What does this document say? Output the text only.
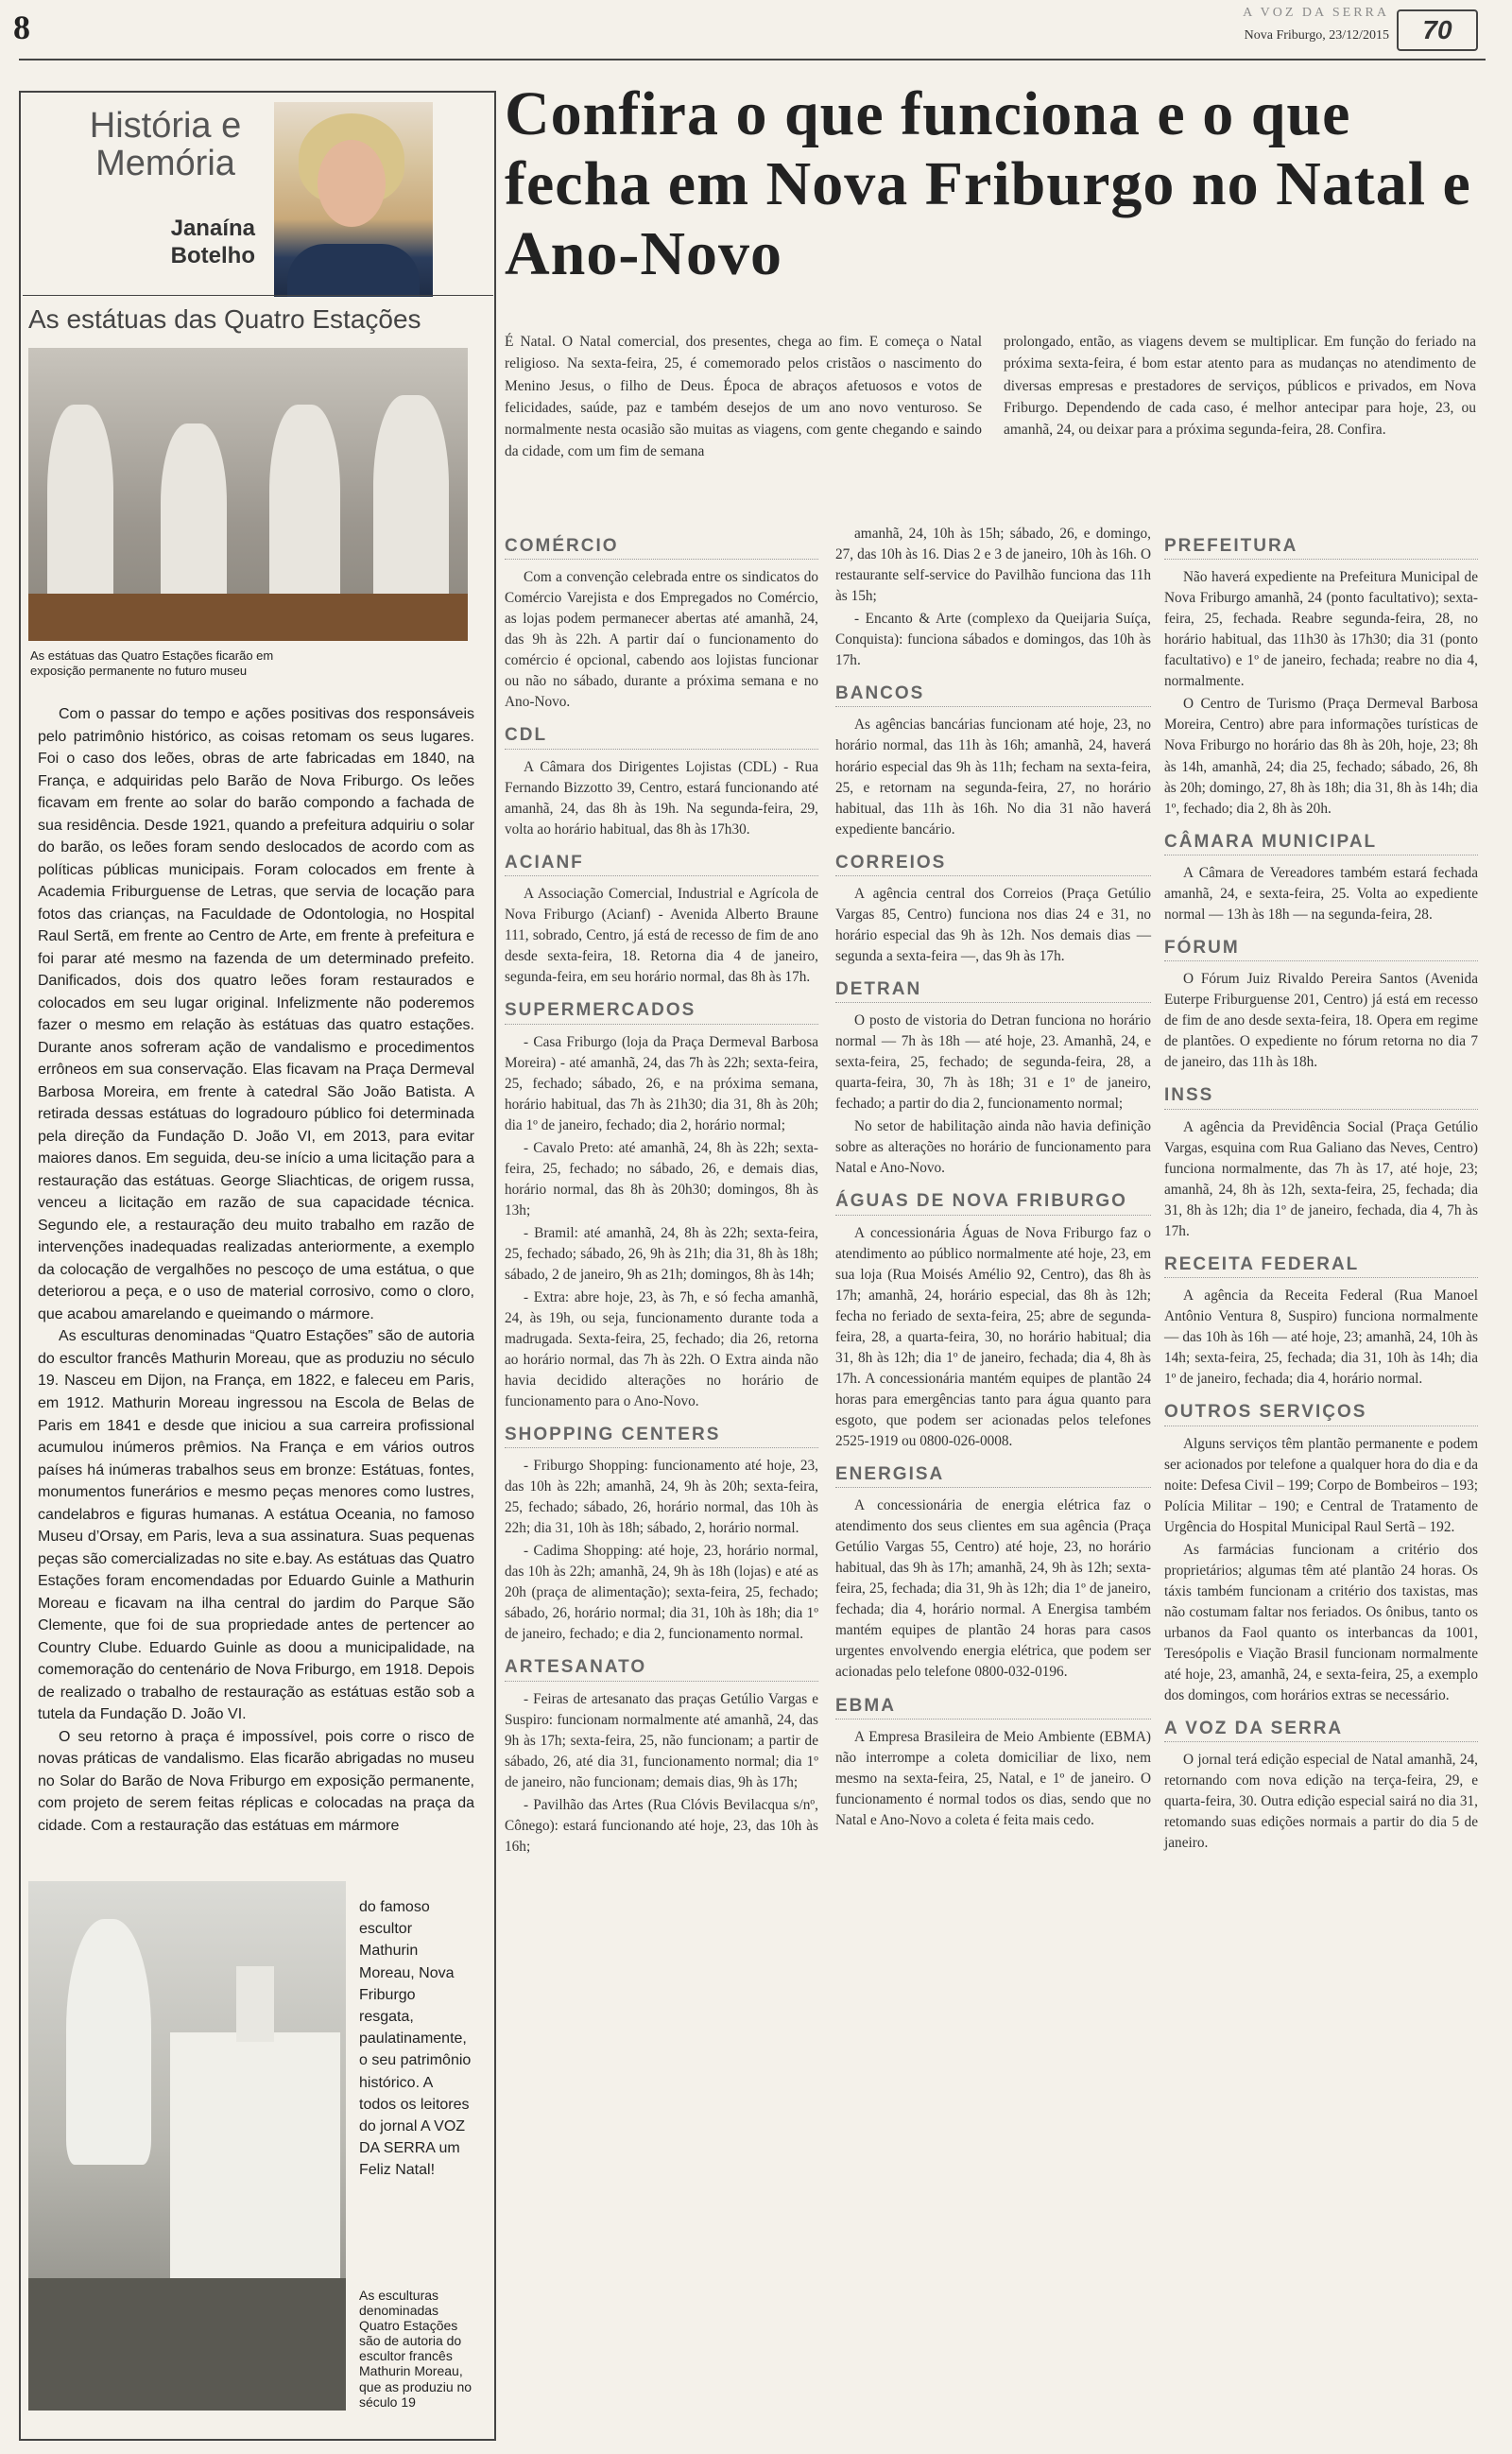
8	A VOZ DA SERRA
Nova Friburgo, 23/12/2015	70
História e Memória
Janaína
Botelho
As estátuas das Quatro Estações
As estátuas das Quatro Estações ficarão em exposição permanente no futuro museu

Com o passar do tempo e ações positivas dos responsáveis pelo patrimônio histórico, as coisas retomam os seus lugares. Foi o caso dos leões, obras de arte fabricadas em 1840, na França, e adquiridas pelo Barão de Nova Friburgo. Os leões ficavam em frente ao solar do barão compondo a fachada de sua residência. Desde 1921, quando a prefeitura adquiriu o solar do barão, os leões foram sendo deslocados de acordo com as políticas públicas municipais. Foram colocados em frente à Academia Friburguense de Letras, que servia de locação para fotos das crianças, na Faculdade de Odontologia, no Hospital Raul Sertã, em frente ao Centro de Arte, em frente à prefeitura e foi parar até mesmo na fazenda de um determinado prefeito. Danificados, dois dos quatro leões foram restaurados e colocados em seu lugar original. Infelizmente não poderemos fazer o mesmo em relação às estátuas das quatro estações. Durante anos sofreram ação de vandalismo e procedimentos errôneos em sua conservação. Elas ficavam na Praça Dermeval Barbosa Moreira, em frente à catedral São João Batista. A retirada dessas estátuas do logradouro público foi determinada pela direção da Fundação D. João VI, em 2013, para evitar maiores danos. Em seguida, deu-se início a uma licitação para a restauração das estátuas. George Sliachticas, de origem russa, venceu a licitação em razão de sua capacidade técnica. Segundo ele, a restauração deu muito trabalho em razão de intervenções inadequadas realizadas anteriormente, a exemplo da colocação de vergalhões no pescoço de uma estátua, o que deteriorou a peça, e o uso de material corrosivo, como o cloro, que acabou amarelando e queimando o mármore.

As esculturas denominadas “Quatro Estações” são de autoria do escultor francês Mathurin Moreau, que as produziu no século 19. Nasceu em Dijon, na França, em 1822, e faleceu em Paris, em 1912. Mathurin Moreau ingressou na Escola de Belas de Paris em 1841 e desde que iniciou a sua carreira profissional acumulou inúmeros prêmios. Na França e em vários outros países há inúmeras trabalhos seus em bronze: Estátuas, fontes, monumentos funerários e mesmo peças menores como lustres, candelabros e figuras humanas. A estátua Oceania, no famoso Museu d’Orsay, em Paris, leva a sua assinatura. Suas pequenas peças são comercializadas no site e.bay. As estátuas das Quatro Estações foram encomendadas por Eduardo Guinle a Mathurin Moreau e ficavam na ilha central do jardim do Parque São Clemente, que foi de sua propriedade antes de pertencer ao Country Clube. Eduardo Guinle as doou a municipalidade, na comemoração do centenário de Nova Friburgo, em 1918. Depois de realizado o trabalho de restauração as estátuas estão sob a tutela da Fundação D. João VI.

O seu retorno à praça é impossível, pois corre o risco de novas práticas de vandalismo. Elas ficarão abrigadas no museu no Solar do Barão de Nova Friburgo em exposição permanente, com projeto de serem feitas réplicas e colocadas na praça da cidade. Com a restauração das estátuas em mármore

do famoso escultor Mathurin Moreau, Nova Friburgo resgata, paulatinamente, o seu patrimônio histórico. A todos os leitores do jornal A VOZ DA SERRA um Feliz Natal!
As esculturas denominadas Quatro Estações são de autoria do escultor francês Mathurin Moreau, que as produziu no século 19
Confira o que funciona e o que fecha em Nova Friburgo no Natal e Ano-Novo
É Natal. O Natal comercial, dos presentes, chega ao fim. E começa o Natal religioso. Na sexta-feira, 25, é comemorado pelos cristãos o nascimento do Menino Jesus, o filho de Deus. Época de abraços afetuosos e votos de felicidades, saúde, paz e também desejos de um ano novo venturoso. Se normalmente nesta ocasião são muitas as viagens, com gente chegando e saindo da cidade, com um fim de semana
prolongado, então, as viagens devem se multiplicar. Em função do feriado na próxima sexta-feira, é bom estar atento para as mudanças no atendimento de diversas empresas e prestadores de serviços, públicos e privados, em Nova Friburgo. Dependendo de cada caso, é melhor antecipar para hoje, 23, ou amanhã, 24, ou deixar para a próxima segunda-feira, 28. Confira.
COMÉRCIO

Com a convenção celebrada entre os sindicatos do Comércio Varejista e dos Empregados no Comércio, as lojas podem permanecer abertas até amanhã, 24, das 9h às 22h. A partir daí o funcionamento do comércio é opcional, cabendo aos lojistas funcionar ou não no sábado, durante a próxima semana e no Ano-Novo.

CDL

A Câmara dos Dirigentes Lojistas (CDL) - Rua Fernando Bizzotto 39, Centro, estará funcionando até amanhã, 24, das 8h às 19h. Na segunda-feira, 29, volta ao horário habitual, das 8h às 17h30.

ACIANF

A Associação Comercial, Industrial e Agrícola de Nova Friburgo (Acianf) - Avenida Alberto Braune 111, sobrado, Centro, já está de recesso de fim de ano desde sexta-feira, 18. Retorna dia 4 de janeiro, segunda-feira, em seu horário normal, das 8h às 17h.

SUPERMERCADOS

- Casa Friburgo (loja da Praça Dermeval Barbosa Moreira) - até amanhã, 24, das 7h às 22h; sexta-feira, 25, fechado; sábado, 26, e na próxima semana, horário habitual, das 7h às 21h30; dia 31, 8h às 20h; dia 1º de janeiro, fechado; dia 2, horário normal;

- Cavalo Preto: até amanhã, 24, 8h às 22h; sexta-feira, 25, fechado; no sábado, 26, e demais dias, horário normal, das 8h às 20h30; domingos, 8h às 13h;

- Bramil: até amanhã, 24, 8h às 22h; sexta-feira, 25, fechado; sábado, 26, 9h às 21h; dia 31, 8h às 18h; sábado, 2 de janeiro, 9h as 21h; domingos, 8h às 14h;

- Extra: abre hoje, 23, às 7h, e só fecha amanhã, 24, às 19h, ou seja, funcionamento durante toda a madrugada. Sexta-feira, 25, fechado; dia 26, retorna ao horário normal, das 7h às 22h. O Extra ainda não havia decidido alterações no horário de funcionamento para o Ano-Novo.

SHOPPING CENTERS

- Friburgo Shopping: funcionamento até hoje, 23, das 10h às 22h; amanhã, 24, 9h às 20h; sexta-feira, 25, fechado; sábado, 26, horário normal, das 10h às 22h; dia 31, 10h às 18h; sábado, 2, horário normal.

- Cadima Shopping: até hoje, 23, horário normal, das 10h às 22h; amanhã, 24, 9h às 18h (lojas) e até as 20h (praça de alimentação); sexta-feira, 25, fechado; sábado, 26, horário normal; dia 31, 10h às 18h; dia 1º de janeiro, fechado; e dia 2, funcionamento normal.

ARTESANATO

- Feiras de artesanato das praças Getúlio Vargas e Suspiro: funcionam normalmente até amanhã, 24, das 9h às 17h; sexta-feira, 25, não funcionam; a partir de sábado, 26, até dia 31, funcionamento normal; dia 1º de janeiro, não funcionam; demais dias, 9h às 17h;

- Pavilhão das Artes (Rua Clóvis Bevilacqua s/nº, Cônego): estará funcionando até hoje, 23, das 10h às 16h;

amanhã, 24, 10h às 15h; sábado, 26, e domingo, 27, das 10h às 16. Dias 2 e 3 de janeiro, 10h às 16h. O restaurante self-service do Pavilhão funciona das 11h às 15h;

- Encanto & Arte (complexo da Queijaria Suíça, Conquista): funciona sábados e domingos, das 10h às 17h.

BANCOS

As agências bancárias funcionam até hoje, 23, no horário normal, das 11h às 16h; amanhã, 24, haverá horário especial das 9h às 11h; fecham na sexta-feira, 25, e retornam na segunda-feira, 27, no horário habitual, das 11h às 16h. No dia 31 não haverá expediente bancário.

CORREIOS

A agência central dos Correios (Praça Getúlio Vargas 85, Centro) funciona nos dias 24 e 31, no horário especial das 9h às 12h. Nos demais dias — segunda a sexta-feira —, das 9h às 17h.

DETRAN

O posto de vistoria do Detran funciona no horário normal — 7h às 18h — até hoje, 23. Amanhã, 24, e sexta-feira, 25, fechado; de segunda-feira, 28, a quarta-feira, 30, 7h às 18h; 31 e 1º de janeiro, fechado; a partir do dia 2, funcionamento normal;

No setor de habilitação ainda não havia definição sobre as alterações no horário de funcionamento para Natal e Ano-Novo.

ÁGUAS DE NOVA FRIBURGO

A concessionária Águas de Nova Friburgo faz o atendimento ao público normalmente até hoje, 23, em sua loja (Rua Moisés Amélio 92, Centro), das 8h às 17h; amanhã, 24, horário especial, das 8h às 12h; fecha no feriado de sexta-feira, 25; abre de segunda-feira, 28, a quarta-feira, 30, no horário habitual; dia 31, 8h às 12h; dia 1º de janeiro, fechada; dia 4, 8h às 17h. A concessionária mantém equipes de plantão 24 horas para emergências tanto para água quanto para esgoto, que podem ser acionadas pelos telefones 2525-1919 ou 0800-026-0008.

ENERGISA

A concessionária de energia elétrica faz o atendimento dos seus clientes em sua agência (Praça Getúlio Vargas 55, Centro) até hoje, 23, no horário habitual, das 9h às 17h; amanhã, 24, 9h às 12h; sexta-feira, 25, fechada; dia 31, 9h às 12h; dia 1º de janeiro, fechada; dia 4, horário normal. A Energisa também mantém equipes de plantão 24 horas para casos urgentes envolvendo energia elétrica, que podem ser acionadas pelo telefone 0800-032-0196.

EBMA

A Empresa Brasileira de Meio Ambiente (EBMA) não interrompe a coleta domiciliar de lixo, nem mesmo na sexta-feira, 25, Natal, e 1º de janeiro. O funcionamento é normal todos os dias, sendo que no Natal e Ano-Novo a coleta é feita mais cedo.

PREFEITURA

Não haverá expediente na Prefeitura Municipal de Nova Friburgo amanhã, 24 (ponto facultativo); sexta-feira, 25, fechada. Reabre segunda-feira, 28, no horário habitual, das 11h30 às 17h30; dia 31 (ponto facultativo) e 1º de janeiro, fechada; reabre no dia 4, normalmente.

O Centro de Turismo (Praça Dermeval Barbosa Moreira, Centro) abre para informações turísticas de Nova Friburgo no horário das 8h às 20h, hoje, 23; 8h às 14h, amanhã, 24; dia 25, fechado; sábado, 26, 8h às 20h; domingo, 27, 8h às 18h; dia 31, 8h às 14h; dia 1º, fechado; dia 2, 8h às 20h.

CÂMARA MUNICIPAL

A Câmara de Vereadores também estará fechada amanhã, 24, e sexta-feira, 25. Volta ao expediente normal — 13h às 18h — na segunda-feira, 28.

FÓRUM

O Fórum Juiz Rivaldo Pereira Santos (Avenida Euterpe Friburguense 201, Centro) já está em recesso de fim de ano desde sexta-feira, 18. Opera em regime de plantões. O expediente no fórum retorna no dia 7 de janeiro, das 11h às 18h.

INSS

A agência da Previdência Social (Praça Getúlio Vargas, esquina com Rua Galiano das Neves, Centro) funciona normalmente, das 7h às 17, até hoje, 23; amanhã, 24, 8h às 12h, sexta-feira, 25, fechada; dia 31, 8h às 12h; dia 1º de janeiro, fechada, dia 4, 7h às 17h.

RECEITA FEDERAL

A agência da Receita Federal (Rua Manoel Antônio Ventura 8, Suspiro) funciona normalmente — das 10h às 16h — até hoje, 23; amanhã, 24, 10h às 14h; sexta-feira, 25, fechada; dia 31, 10h às 14h; dia 1º de janeiro, fechada; dia 4, horário normal.

OUTROS SERVIÇOS

Alguns serviços têm plantão permanente e podem ser acionados por telefone a qualquer hora do dia e da noite: Defesa Civil – 199; Corpo de Bombeiros – 193; Polícia Militar – 190; e Central de Tratamento de Urgência do Hospital Municipal Raul Sertã – 192.

As farmácias funcionam a critério dos proprietários; algumas têm até plantão 24 horas. Os táxis também funcionam a critério dos taxistas, mas não costumam faltar nos feriados. Os ônibus, tanto os urbanos da Faol quanto os interbancas da 1001, Teresópolis e Viação Brasil funcionam normalmente até hoje, 23, amanhã, 24, e sexta-feira, 25, a exemplo dos domingos, com horários extras se necessário.

A VOZ DA SERRA

O jornal terá edição especial de Natal amanhã, 24, retornando com nova edição na terça-feira, 29, e quarta-feira, 30. Outra edição especial sairá no dia 31, retomando suas edições normais a partir do dia 5 de janeiro.
